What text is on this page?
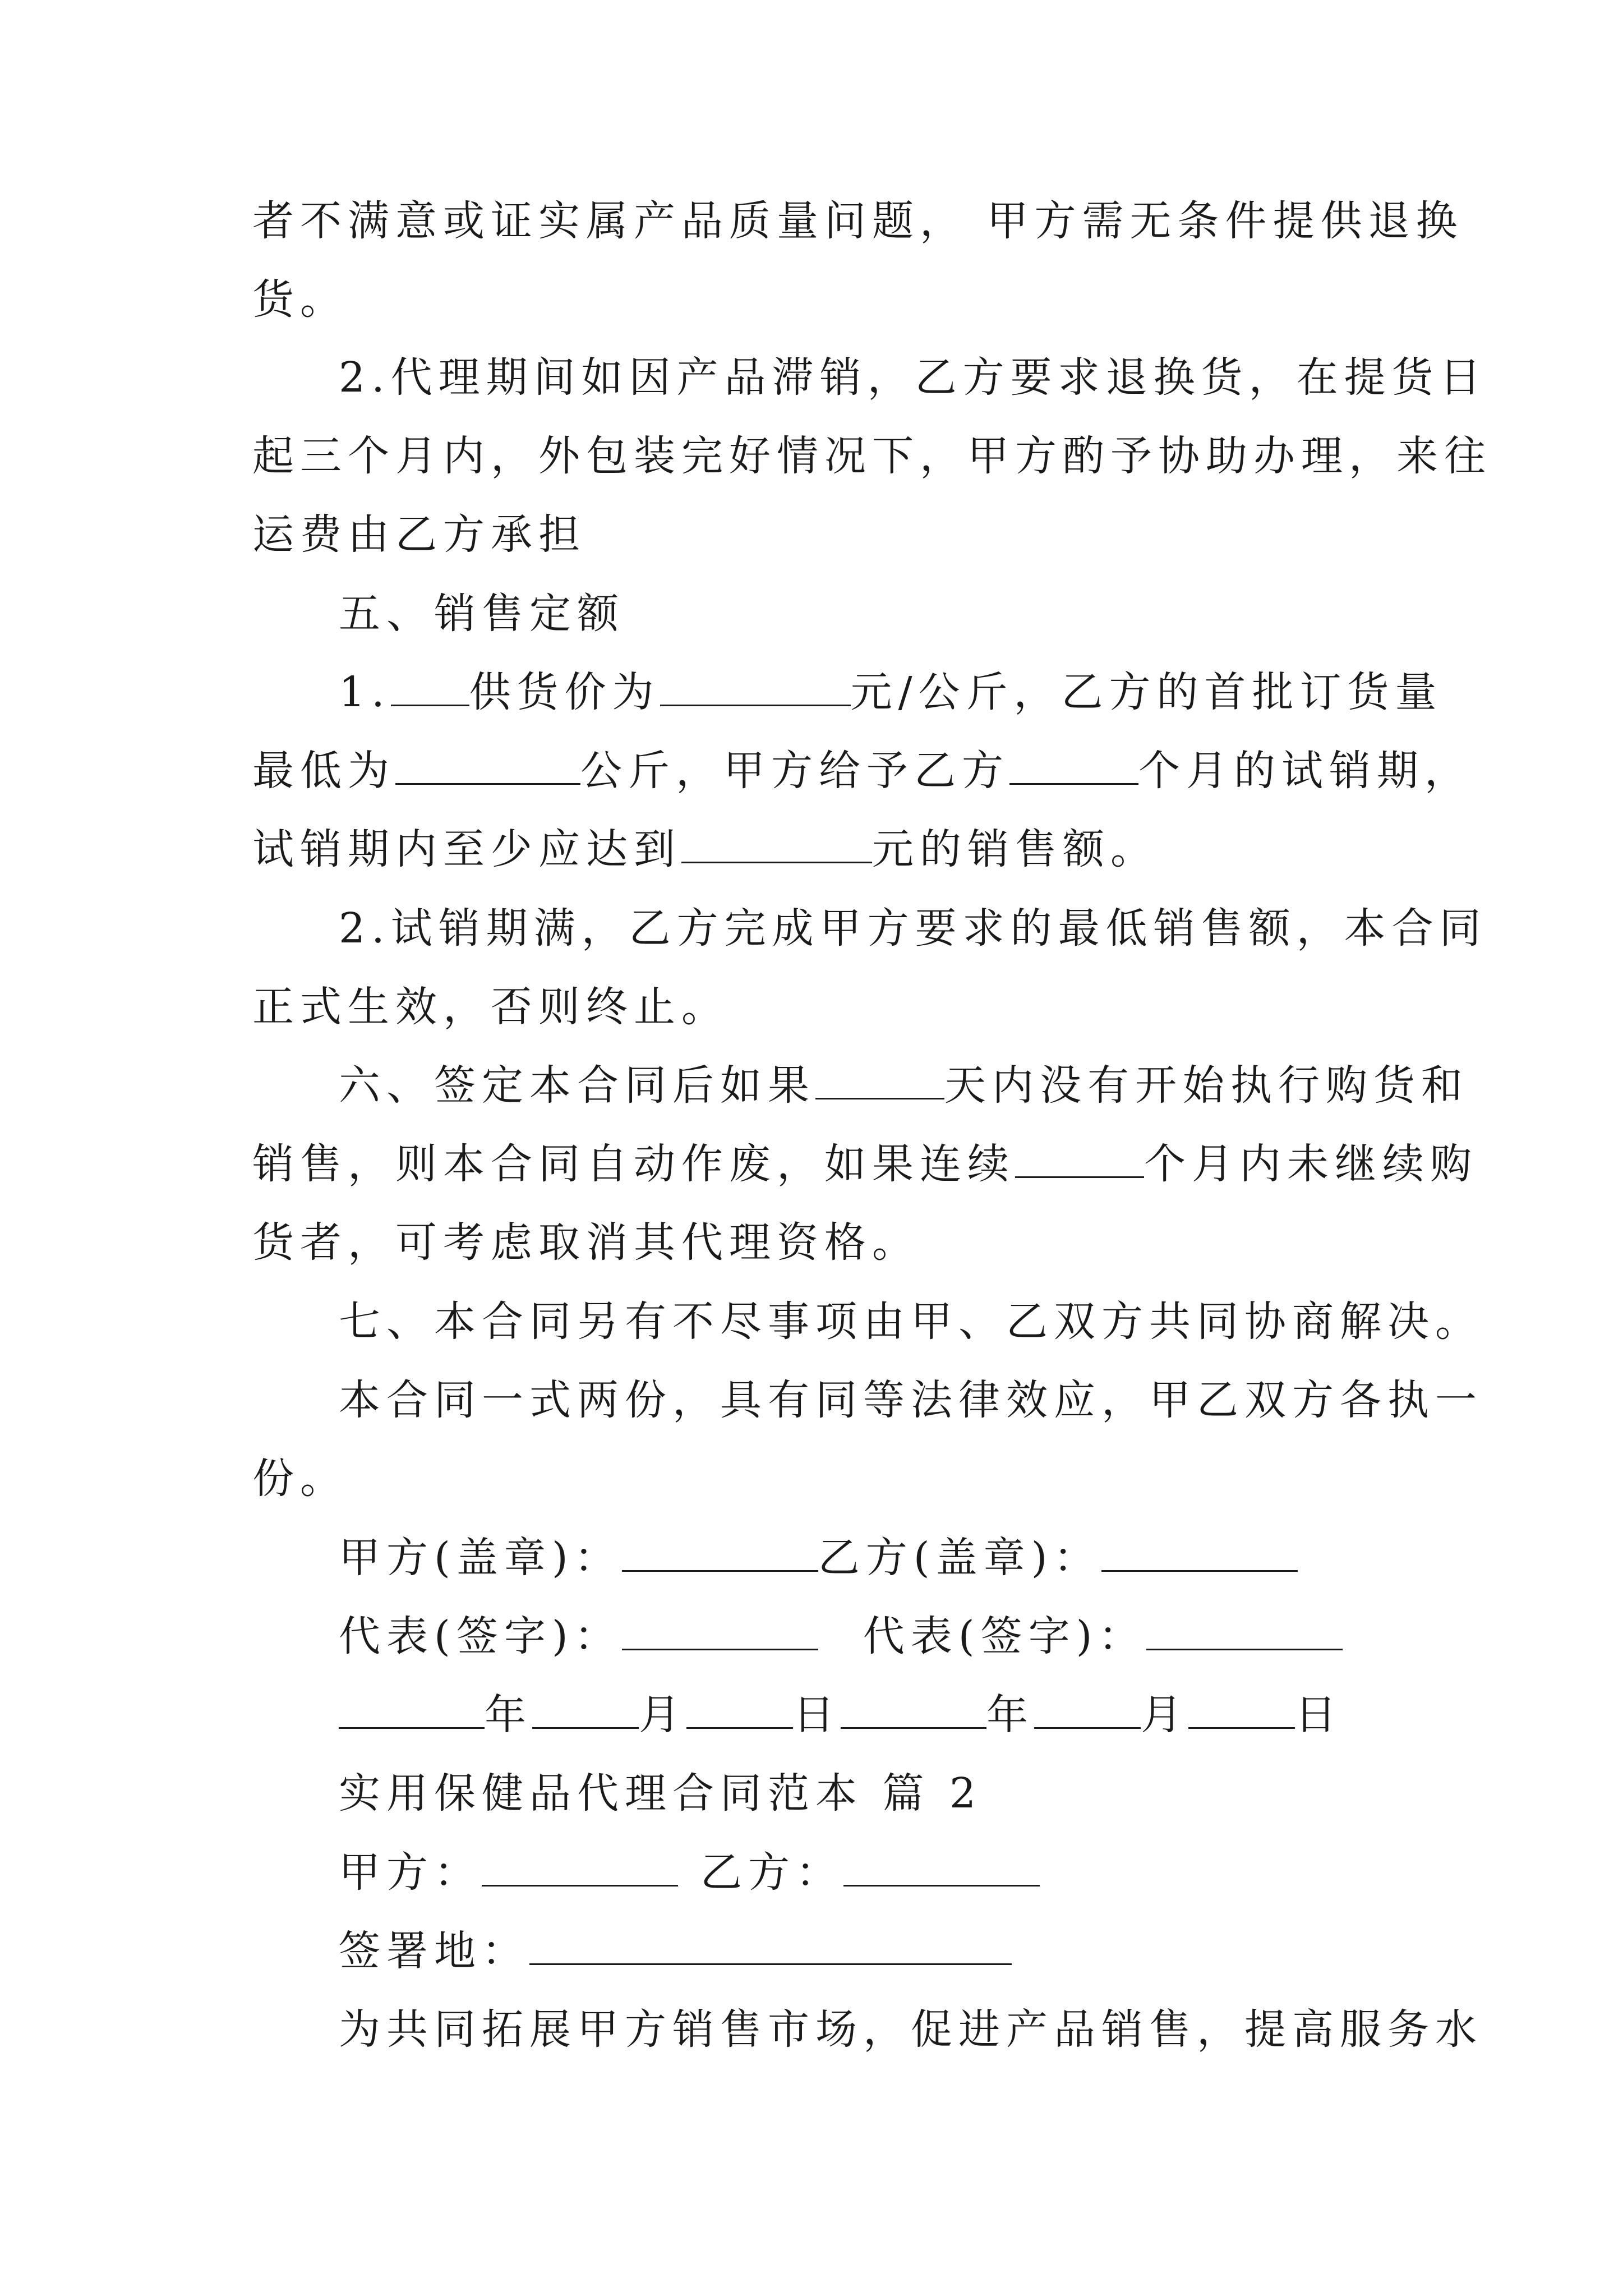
者不满意或证实属产品质量问题， 甲方需无条件提供退换
货。
2.代理期间如因产品滞销，乙方要求退换货，在提货日
起三个月内，外包装完好情况下，甲方酌予协助办理，来往
运费由乙方承担
五、销售定额
1. 供货价为	元/公斤，乙方的首批订货量
最低为	公斤，甲方给予乙方	个月的试销期，
试销期内至少应达到	元的销售额。
2.试销期满，乙方完成甲方要求的最低销售额，本合同
正式生效，否则终止。
六、签定本合同后如果	天内没有开始执行购货和
销售，则本合同自动作废，如果连续	个月内未继续购
货者，可考虑取消其代理资格。
七、本合同另有不尽事项由甲、乙双方共同协商解决。
本合同一式两份，具有同等法律效应，甲乙双方各执一
份。
甲方(盖章)：	乙方(盖章)：
代表(签字)：	代表(签字)：
年	月	日	年	月	日
实用保健品代理合同范本 篇 2
甲方：	乙方：
签署地：
为共同拓展甲方销售市场，促进产品销售，提高服务水
